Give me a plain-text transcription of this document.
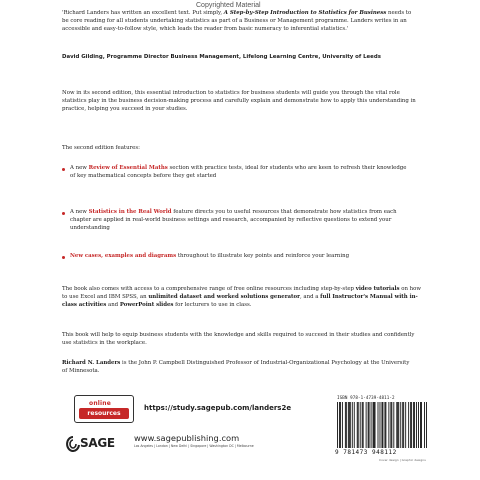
Copyrighted Material

'Richard Landers has written an excellent text. Put simply, A Step-by-Step Introduction to Statistics for Business needs to be core reading for all students undertaking statistics as part of a Business or Management programme. Landers writes in an accessible and easy-to-follow style, which leads the reader from basic numeracy to inferential statistics.'

David Gilding, Programme Director Business Management, Lifelong Learning Centre, University of Leeds

Now in its second edition, this essential introduction to statistics for business students will guide you through the vital role statistics play in the business decision-making process and carefully explain and demonstrate how to apply this understanding in practice, helping you succeed in your studies.

The second edition features:

A new Review of Essential Maths section with practice tests, ideal for students who are keen to refresh their knowledge of key mathematical concepts before they get started

A new Statistics in the Real World feature directs you to useful resources that demonstrate how statistics from each chapter are applied in real-world business settings and research, accompanied by reflective questions to extend your understanding

New cases, examples and diagrams throughout to illustrate key points and reinforce your learning

The book also comes with access to a comprehensive range of free online resources including step-by-step video tutorials on how to use Excel and IBM SPSS, an unlimited dataset and worked solutions generator, and a full Instructor's Manual with in-class activities and PowerPoint slides for lecturers to use in class.

This book will help to equip business students with the knowledge and skills required to succeed in their studies and confidently use statistics in the workplace.

Richard N. Landers is the John P. Campbell Distinguished Professor of Industrial-Organizational Psychology at the University of Minnesota.

online
resources
https://study.sagepub.com/landers2e
SAGE www.sagepublishing.com
Los Angeles | London | New Delhi | Singapore | Washington DC | Melbourne
ISBN 978-1-4739-4811-2
9 781473 948112
Cover design | Graphic designs
